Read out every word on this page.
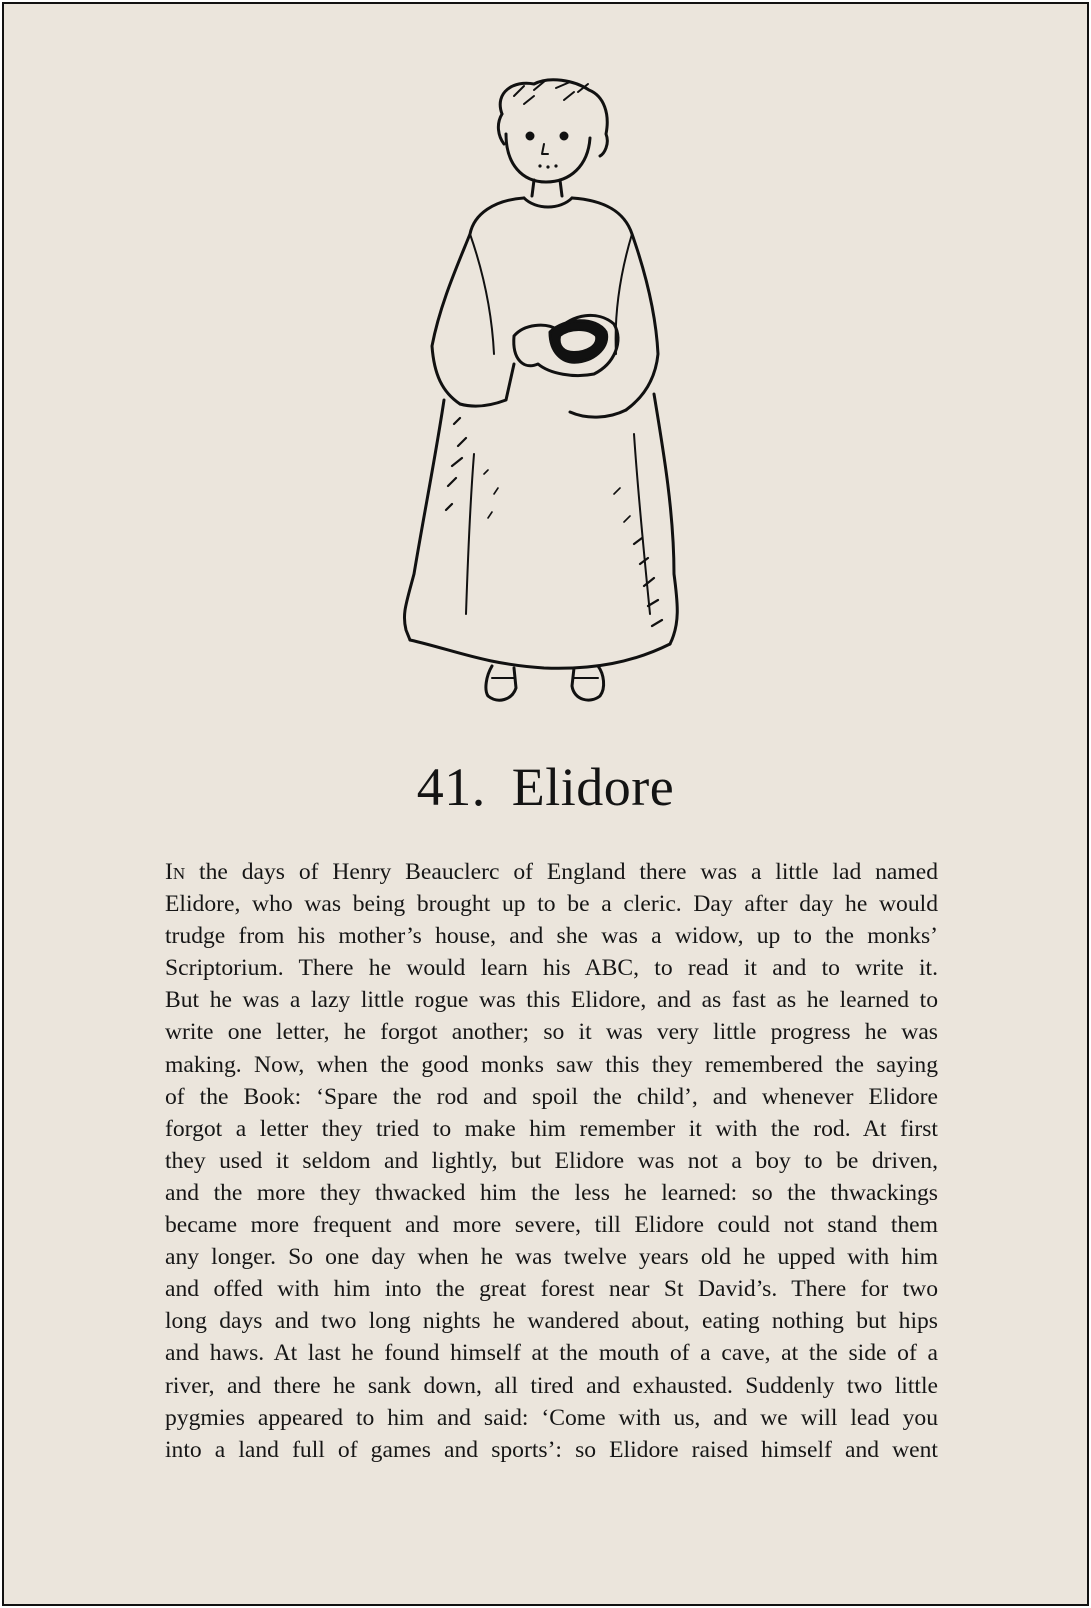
41. Elidore
In the days of Henry Beauclerc of England there was a little lad named
Elidore, who was being brought up to be a cleric. Day after day he would
trudge from his mother’s house, and she was a widow, up to the monks’
Scriptorium. There he would learn his ABC, to read it and to write it.
But he was a lazy little rogue was this Elidore, and as fast as he learned to
write one letter, he forgot another; so it was very little progress he was
making. Now, when the good monks saw this they remembered the saying
of the Book: ‘Spare the rod and spoil the child’, and whenever Elidore
forgot a letter they tried to make him remember it with the rod. At first
they used it seldom and lightly, but Elidore was not a boy to be driven,
and the more they thwacked him the less he learned: so the thwackings
became more frequent and more severe, till Elidore could not stand them
any longer. So one day when he was twelve years old he upped with him
and offed with him into the great forest near St David’s. There for two
long days and two long nights he wandered about, eating nothing but hips
and haws. At last he found himself at the mouth of a cave, at the side of a
river, and there he sank down, all tired and exhausted. Suddenly two little
pygmies appeared to him and said: ‘Come with us, and we will lead you
into a land full of games and sports’: so Elidore raised himself and went
